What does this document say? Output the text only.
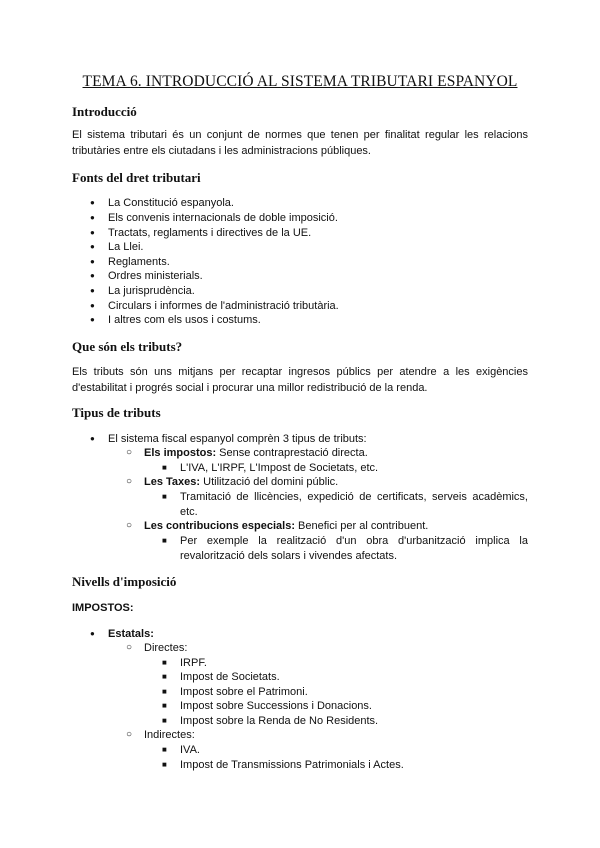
TEMA 6. INTRODUCCIÓ AL SISTEMA TRIBUTARI ESPANYOL
Introducció

El sistema tributari és un conjunt de normes que tenen per finalitat regular les relacions tributàries entre els ciutadans i les administracions públiques.

Fonts del dret tributari
● La Constitució espanyola.
● Els convenis internacionals de doble imposició.
● Tractats, reglaments i directives de la UE.
● La Llei.
● Reglaments.
● Ordres ministerials.
● La jurisprudència.
● Circulars i informes de l'administració tributària.
● I altres com els usos i costums.
Que són els tributs?

Els tributs són uns mitjans per recaptar ingresos públics per atendre a les exigències d'estabilitat i progrés social i procurar una millor redistribució de la renda.

Tipus de tributs
● El sistema fiscal espanyol comprèn 3 tipus de tributs:
○ Els impostos: Sense contraprestació directa.
■ L'IVA, L'IRPF, L'Impost de Societats, etc.
○ Les Taxes: Utilització del domini públic.
■ Tramitació de llicències, expedició de certificats, serveis acadèmics, etc.
○ Les contribucions especials: Benefici per al contribuent.
■ Per exemple la realització d'un obra d'urbanització implica la revalorització dels solars i vivendes afectats.
Nivells d'imposició
IMPOSTOS:
● Estatals:
○ Directes:
■ IRPF.
■ Impost de Societats.
■ Impost sobre el Patrimoni.
■ Impost sobre Successions i Donacions.
■ Impost sobre la Renda de No Residents.
○ Indirectes:
■ IVA.
■ Impost de Transmissions Patrimonials i Actes.
